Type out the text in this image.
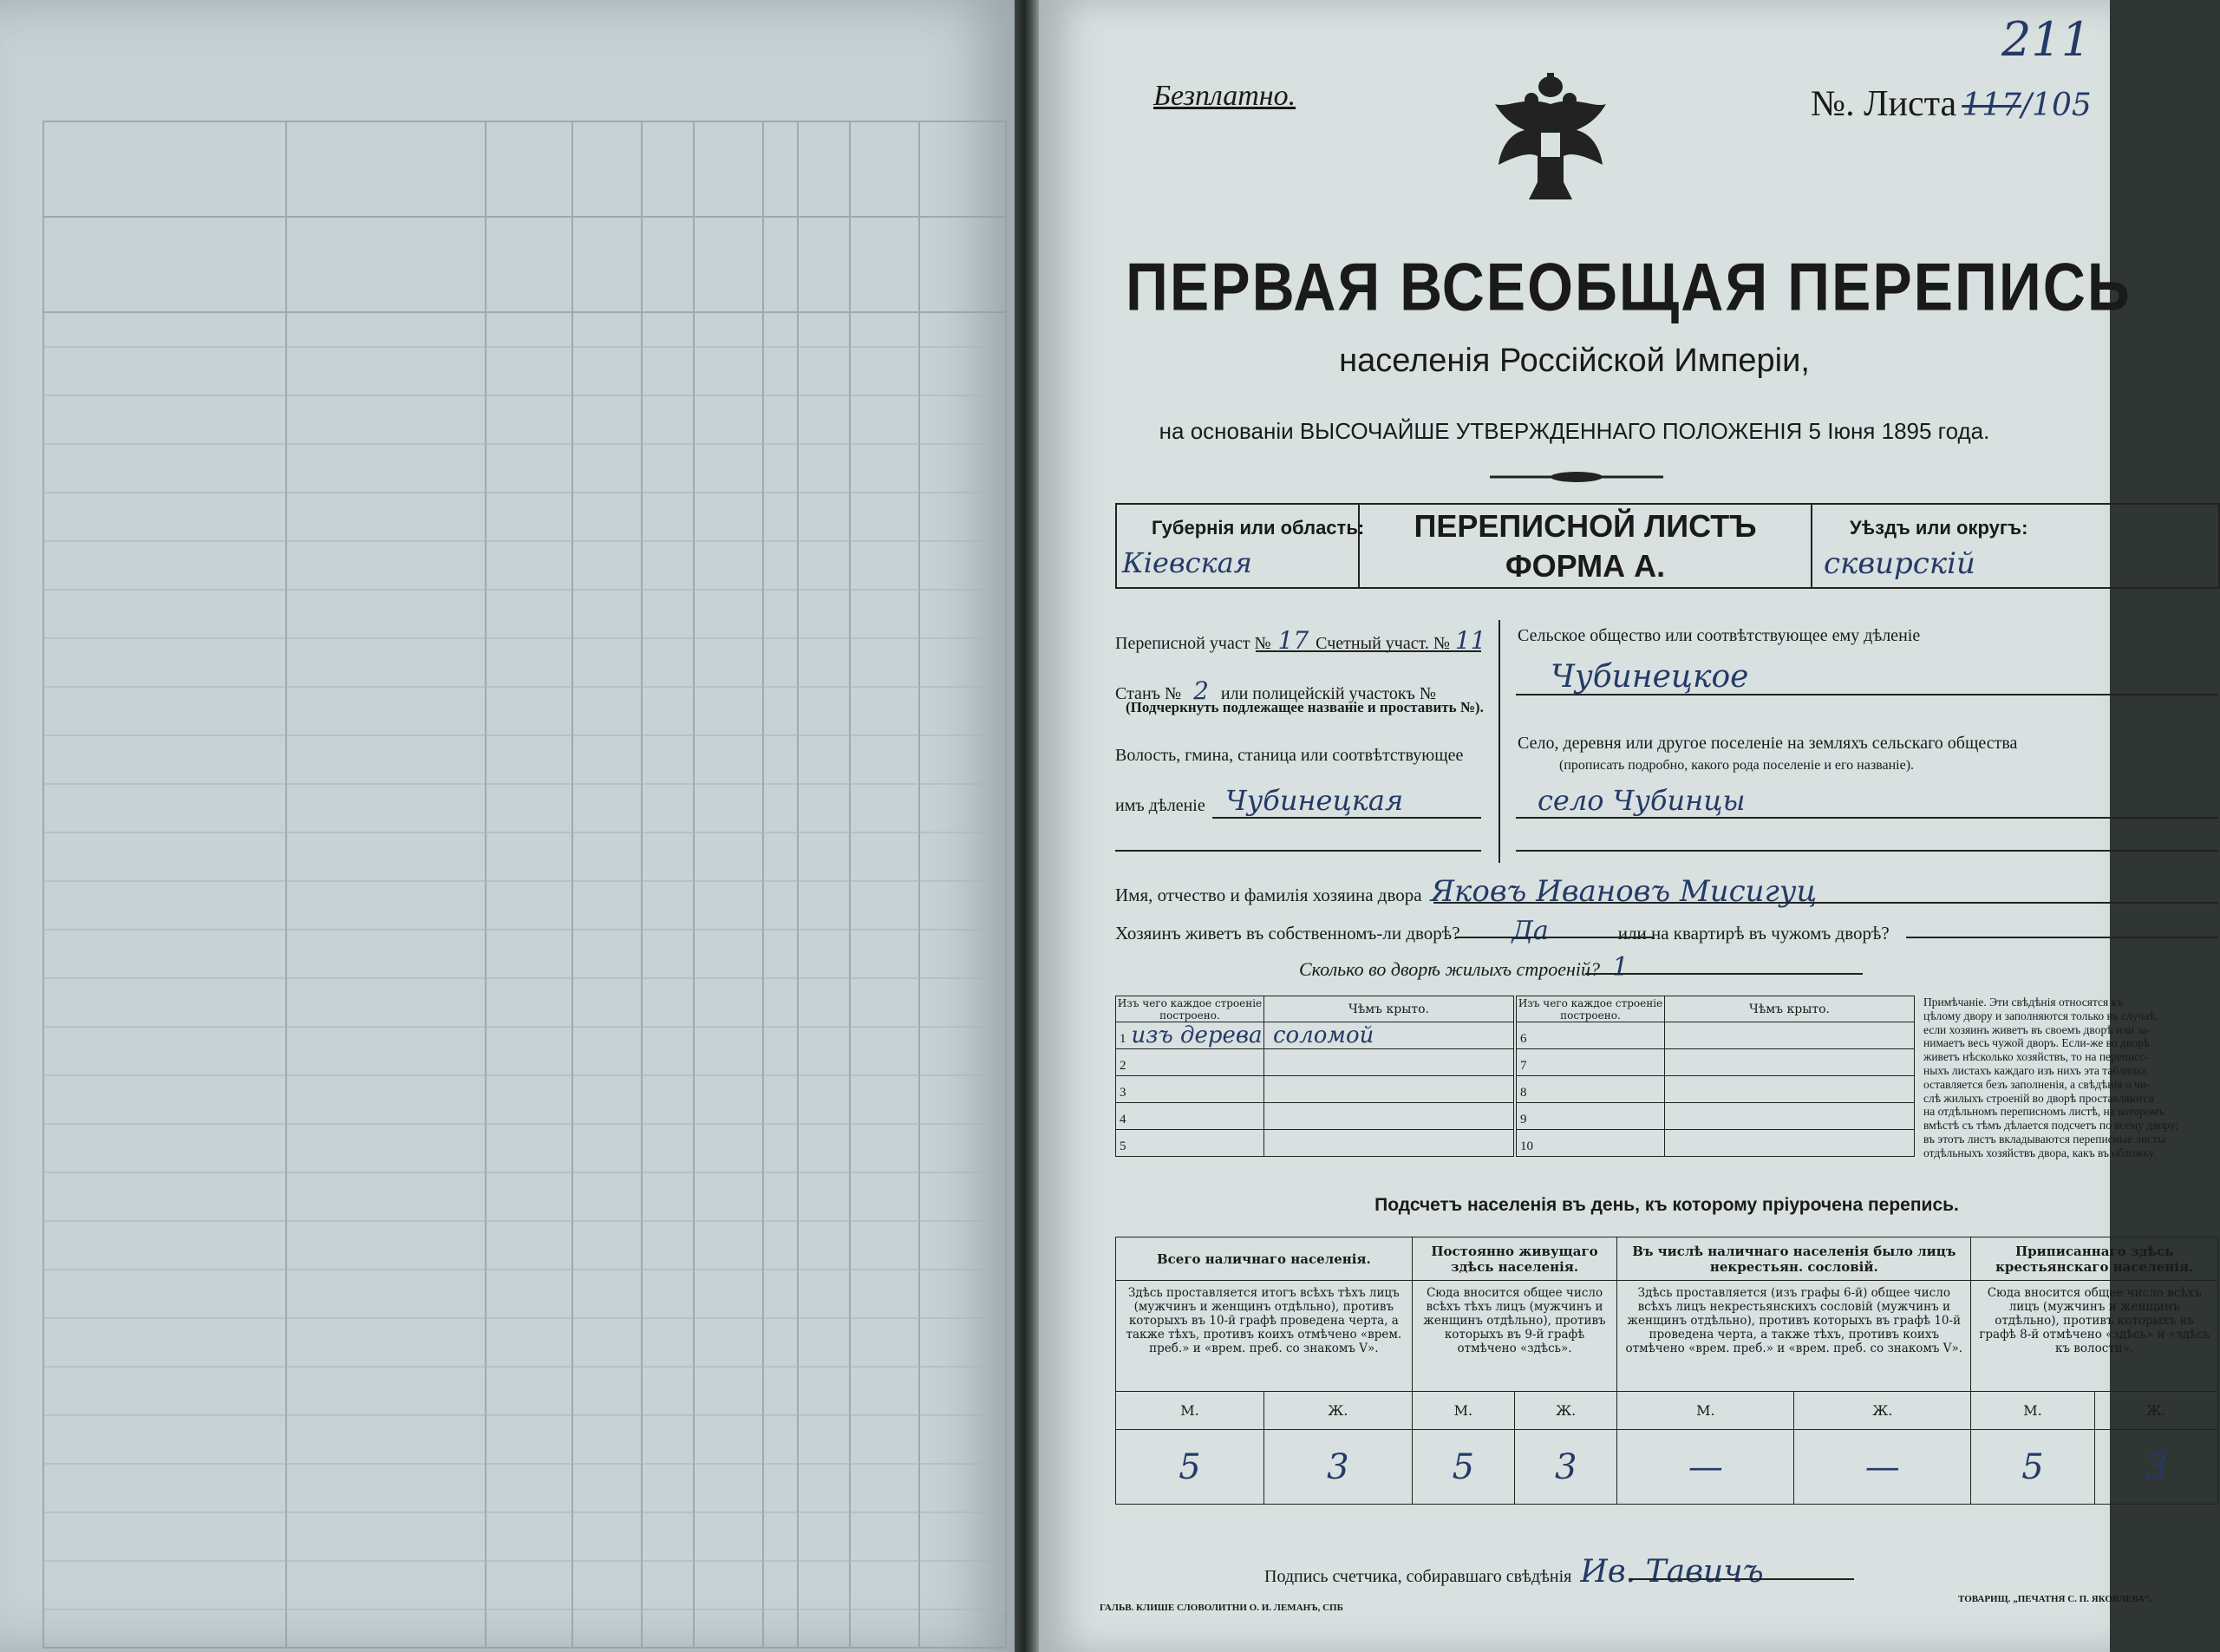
211
Безплатно.	№. Листа 117/105
ПЕРВАЯ ВСЕОБЩАЯ ПЕРЕПИСЬ
населенія Россійской Имперіи,
на основаніи ВЫСОЧАЙШЕ УТВЕРЖДЕННАГО ПОЛОЖЕНІЯ 5 Іюня 1895 года.
Губернія или область:
Кіевская
ПЕРЕПИСНОЙ ЛИСТЪ
ФОРМА А.
Уѣздъ или округъ:
сквирскій
Переписной участ № 17 Счетный участ. № 11
Станъ № 2 или полицейскій участокъ №
(Подчеркнуть подлежащее названіе и проставить №).
Волость, гмина, станица или соотвѣтствующее
имъ дѣленіе Чубинецкая
Сельское общество или соотвѣтствующее ему дѣленіе
Чубинецкое
Село, деревня или другое поселеніе на земляхъ сельскаго общества
(прописать подробно, какого рода поселеніе и его названіе).
село Чубинцы
Имя, отчество и фамилія хозяина двора Яковъ Ивановъ Мисигуц
Хозяинъ живетъ въ собственномъ-ли дворѣ? Да	или на квартирѣ въ чужомъ дворѣ?
Сколько во дворѣ жилыхъ строеній? 1
Изъ чего каждое строеніе построено.	Чѣмъ крыто.
1 изъ дерева	соломой
2	
3	
4	
5	
Изъ чего каждое строеніе построено.	Чѣмъ крыто.
6	
7	
8	
9	
10	
Примѣчаніе. Эти свѣдѣнія относятся къ
цѣлому двору и заполняются только въ случаѣ,
если хозяинъ живетъ въ своемъ дворѣ или за-
нимаетъ весь чужой дворъ. Если-же во дворѣ
живетъ нѣсколько хозяйствъ, то на переписс-
ныхъ листахъ каждаго изъ нихъ эта табличка
оставляется безъ заполненія, а свѣдѣнія о чи-
слѣ жилыхъ строеній во дворѣ проставляются
на отдѣльномъ переписномъ листѣ, на которомъ
вмѣстѣ съ тѣмъ дѣлается подсчетъ по всему двору;
въ этотъ листъ вкладываются переписные листы
отдѣльныхъ хозяйствъ двора, какъ въ обложку.
Подсчетъ населенія въ день, къ которому пріурочена перепись.
Всего наличнаго населенія.		Постоянно живущаго здѣсь населенія.		Въ числѣ наличнаго населенія было лицъ некрестьян. сословій.		Приписаннаго здѣсь крестьянскаго населенія.	
Здѣсь проставляется итогъ всѣхъ тѣхъ лицъ (мужчинъ и женщинъ отдѣльно), противъ которыхъ въ 10-й графѣ проведена черта, а также тѣхъ, противъ коихъ отмѣчено «врем. преб.» и «врем. преб. со знакомъ V».		Сюда вносится общее число всѣхъ тѣхъ лицъ (мужчинъ и женщинъ отдѣльно), противъ которыхъ въ 9-й графѣ отмѣчено «здѣсь».		Здѣсь проставляется (изъ графы 6-й) общее число всѣхъ лицъ некрестьянскихъ сословій (мужчинъ и женщинъ отдѣльно), противъ которыхъ въ графѣ 10-й проведена черта, а также тѣхъ, противъ коихъ отмѣчено «врем. преб.» и «врем. преб. со знакомъ V».		Сюда вносится общее число всѣхъ лицъ (мужчинъ и женщинъ отдѣльно), противъ которыхъ въ графѣ 8-й отмѣчено «здѣсь» и «здѣсь къ волости».	
М.	Ж.	М.	Ж.	М.	Ж.	М.	Ж.
5	3	5	3	—	—	5	3
Подпись счетчика, собиравшаго свѣдѣнія Ив. Тавичъ
ГАЛЬВ. КЛИШЕ СЛОВОЛИТНИ О. И. ЛЕМАНЪ, СПБ
ТОВАРИЩ. „ПЕЧАТНЯ С. П. ЯКОВЛЕВА“.
